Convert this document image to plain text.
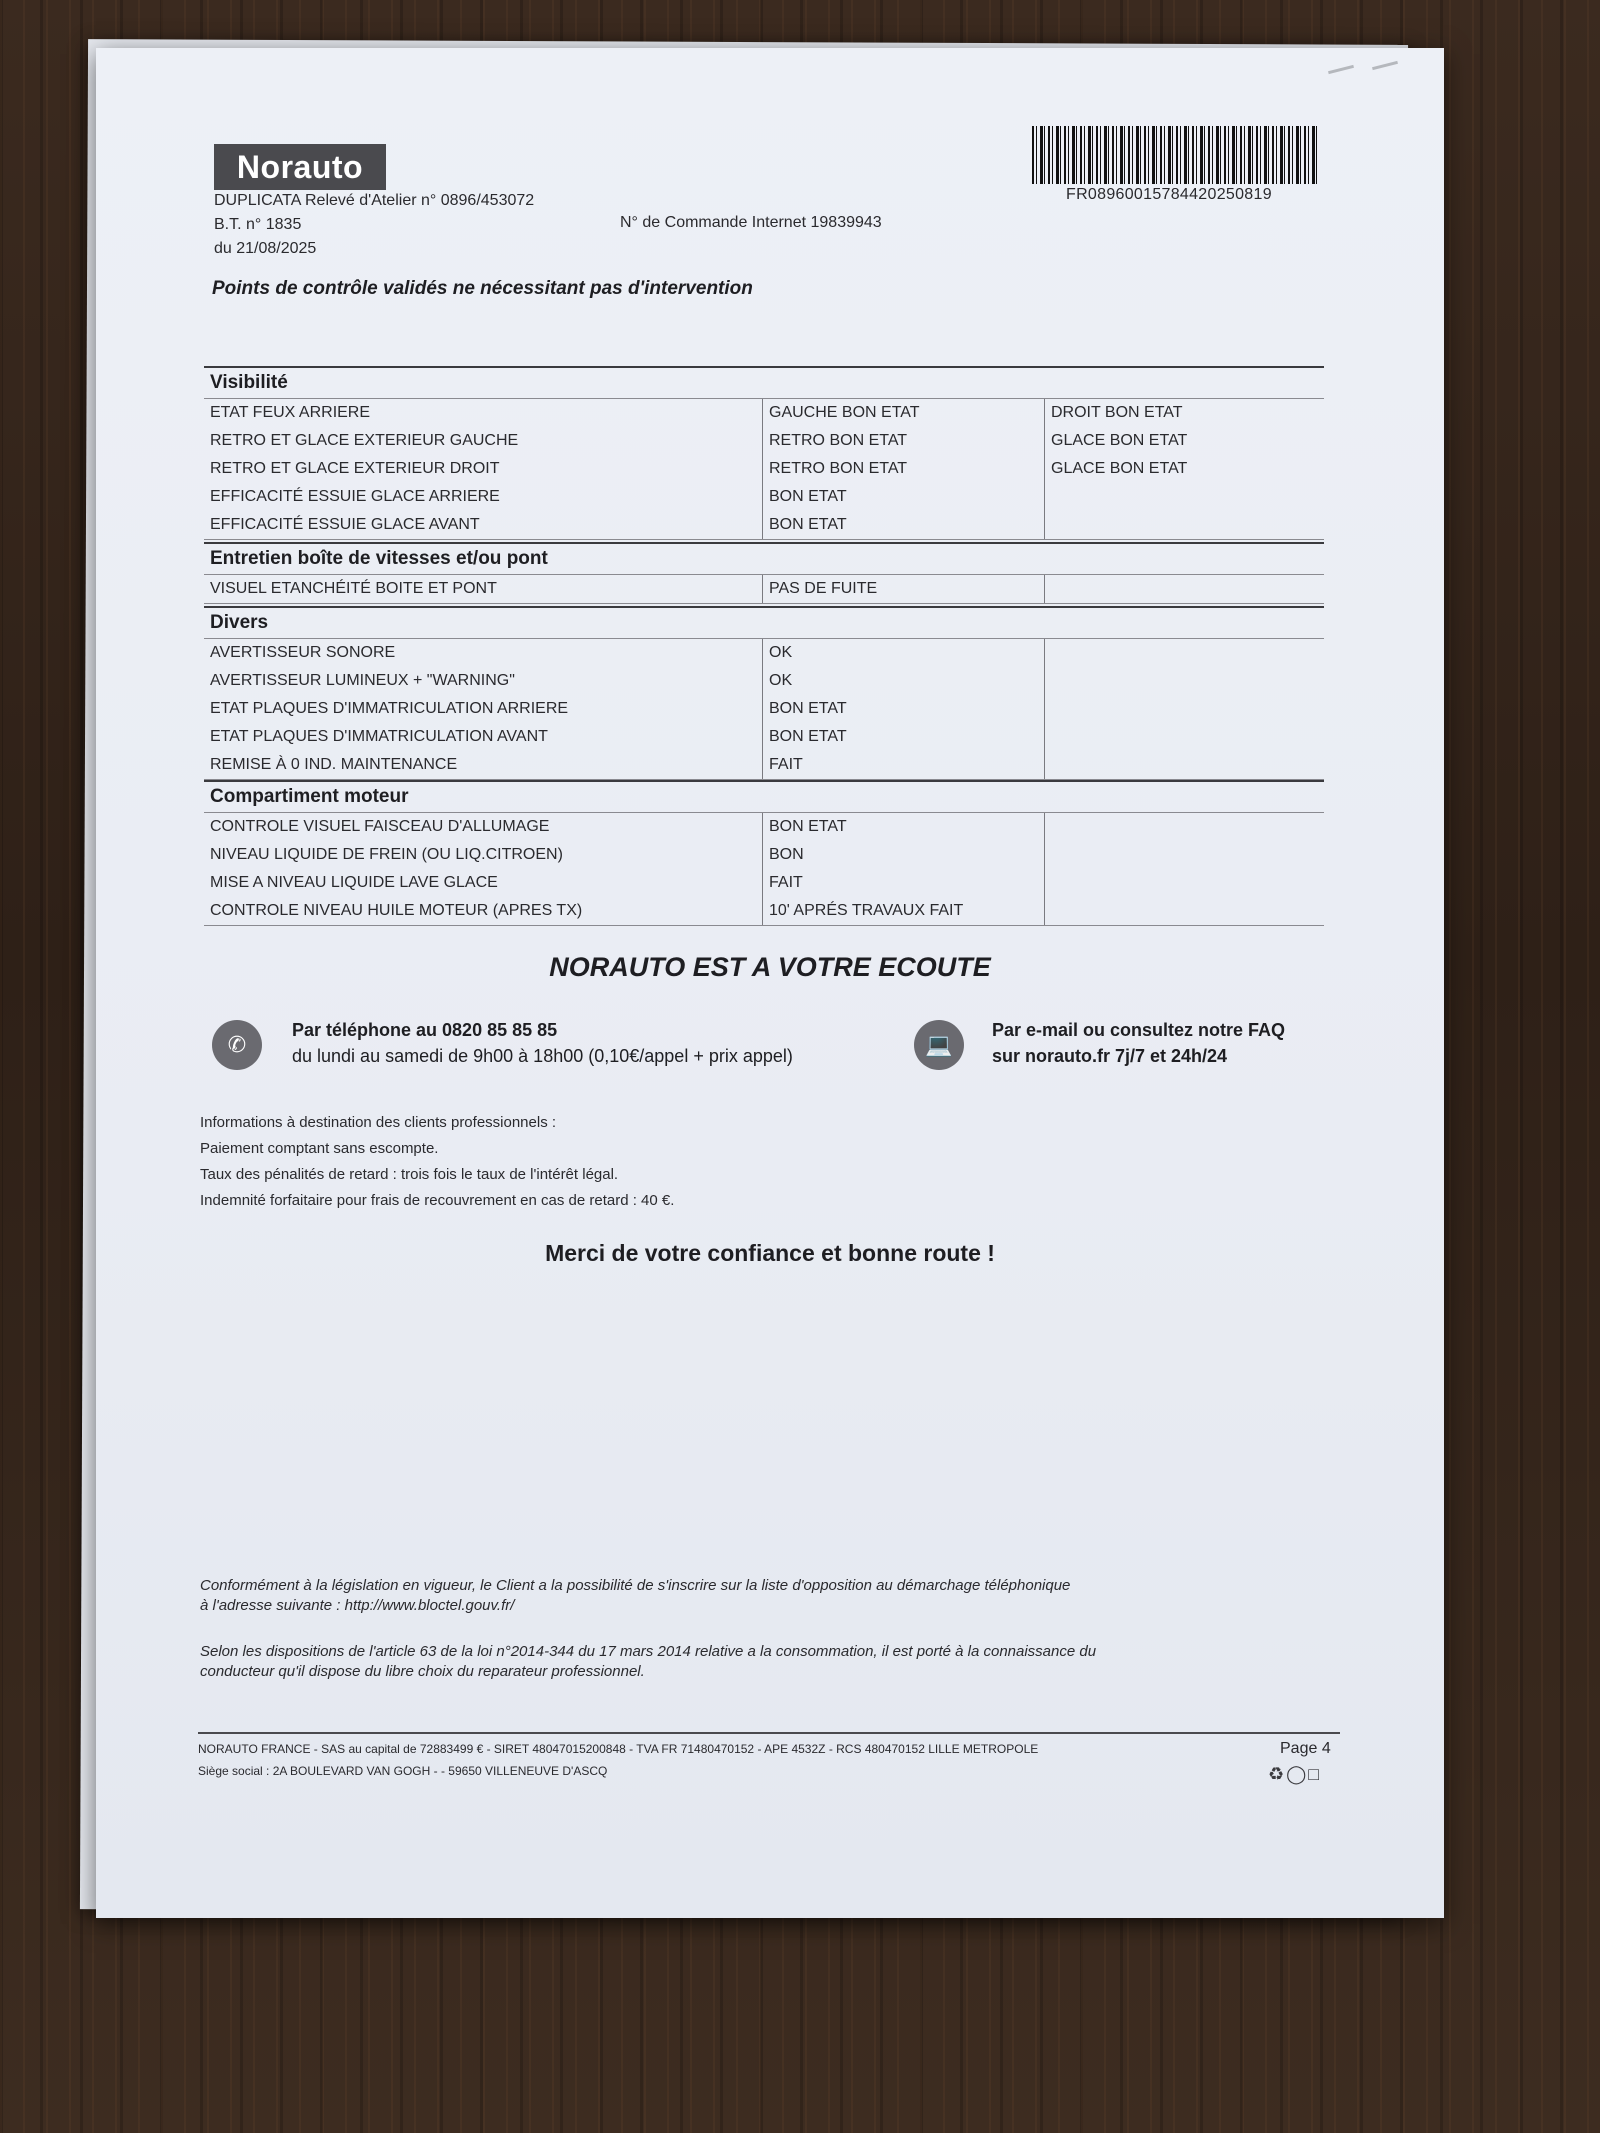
Norauto
DUPLICATA Relevé d'Atelier n° 0896/453072
B.T. n° 1835
du 21/08/2025
N° de Commande Internet 19839943
FR0896001578442025081​9
Points de contrôle validés ne nécessitant pas d'intervention
Visibilité
ETAT FEUX ARRIERE	GAUCHE BON ETAT	DROIT BON ETAT
RETRO ET GLACE EXTERIEUR GAUCHE	RETRO BON ETAT	GLACE BON ETAT
RETRO ET GLACE EXTERIEUR DROIT	RETRO BON ETAT	GLACE BON ETAT
EFFICACITÉ ESSUIE GLACE ARRIERE	BON ETAT
EFFICACITÉ ESSUIE GLACE AVANT	BON ETAT
Entretien boîte de vitesses et/ou pont
VISUEL ETANCHÉITÉ BOITE ET PONT	PAS DE FUITE
Divers
AVERTISSEUR SONORE	OK
AVERTISSEUR LUMINEUX + "WARNING"	OK
ETAT PLAQUES D'IMMATRICULATION ARRIERE	BON ETAT
ETAT PLAQUES D'IMMATRICULATION AVANT	BON ETAT
REMISE À 0 IND. MAINTENANCE	FAIT
Compartiment moteur
CONTROLE VISUEL FAISCEAU D'ALLUMAGE	BON ETAT
NIVEAU LIQUIDE DE FREIN (OU LIQ.CITROEN)	BON
MISE A NIVEAU LIQUIDE LAVE GLACE	FAIT
CONTROLE NIVEAU HUILE MOTEUR (APRES TX)	10' APRÉS TRAVAUX FAIT
NORAUTO EST A VOTRE ECOUTE
✆
Par téléphone au 0820 85 85 85
du lundi au samedi de 9h00 à 18h00 (0,10€/appel + prix appel)	💻
Par e-mail ou consultez notre FAQ
sur norauto.fr 7j/7 et 24h/24
Informations à destination des clients professionnels :
Paiement comptant sans escompte.
Taux des pénalités de retard : trois fois le taux de l'intérêt légal.
Indemnité forfaitaire pour frais de recouvrement en cas de retard : 40 €.
Merci de votre confiance et bonne route !
Conformément à la législation en vigueur, le Client a la possibilité de s'inscrire sur la liste d'opposition au démarchage téléphonique
à l'adresse suivante : http://www.bloctel.gouv.fr/
Selon les dispositions de l'article 63 de la loi n°2014-344 du 17 mars 2014 relative a la consommation, il est porté à la connaissance du
conducteur qu'il dispose du libre choix du reparateur professionnel.
NORAUTO FRANCE - SAS au capital de 72883499 € - SIRET 48047015200848 - TVA FR 71480470152 - APE 4532Z - RCS 480470152 LILLE METROPOLE
Siège social : 2A BOULEVARD VAN GOGH - - 59650 VILLENEUVE D'ASCQ
Page 4
♻◯□
